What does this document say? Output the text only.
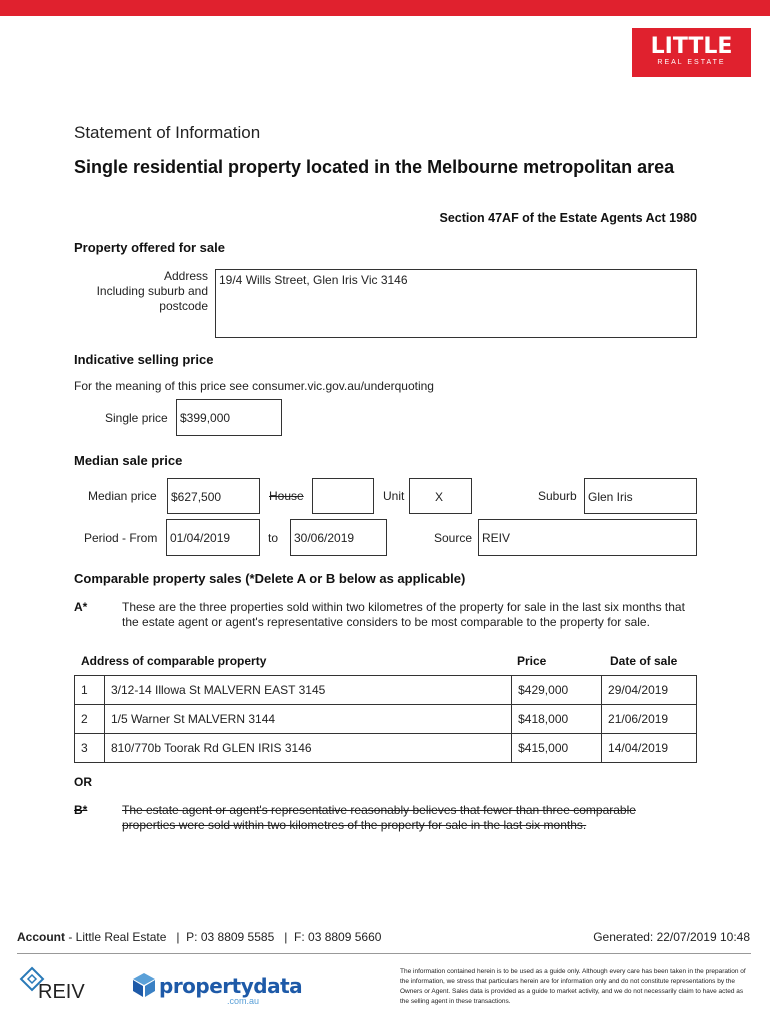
LITTLE
REAL ESTATE
Statement of Information
Single residential property located in the Melbourne metropolitan area
Section 47AF of the Estate Agents Act 1980
Property offered for sale
Address
Including suburb and
postcode
19/4 Wills Street, Glen Iris Vic 3146
Indicative selling price
For the meaning of this price see consumer.vic.gov.au/underquoting
Single price	$399,000
Median sale price
Median price	$627,500	House	Unit	X	Suburb Glen Iris
Period - From	01/04/2019	to	30/06/2019	Source REIV
Comparable property sales (*Delete A or B below as applicable)
A*	These are the three properties sold within two kilometres of the property for sale in the last six months that the estate agent or agent's representative considers to be most comparable to the property for sale.
Address of comparable property	Price	Date of sale
1	3/12-14 Illowa St MALVERN EAST 3145	$429,000	29/04/2019
2	1/5 Warner St MALVERN 3144	$418,000	21/06/2019
3	810/770b Toorak Rd GLEN IRIS 3146	$415,000	14/04/2019
OR
B*	The estate agent or agent's representative reasonably believes that fewer than three comparable properties were sold within two kilometres of the property for sale in the last six months.
Account - Little Real Estate   |  P: 03 8809 5585   |  F: 03 8809 5660	Generated: 22/07/2019 10:48
REIV	propertydata
.com.au
The information contained herein is to be used as a guide only. Although every care has been taken in the preparation of the information, we stress that particulars herein are for information only and do not constitute representations by the Owners or Agent. Sales data is provided as a guide to market activity, and we do not necessarily claim to have acted as the selling agent in these transactions.
